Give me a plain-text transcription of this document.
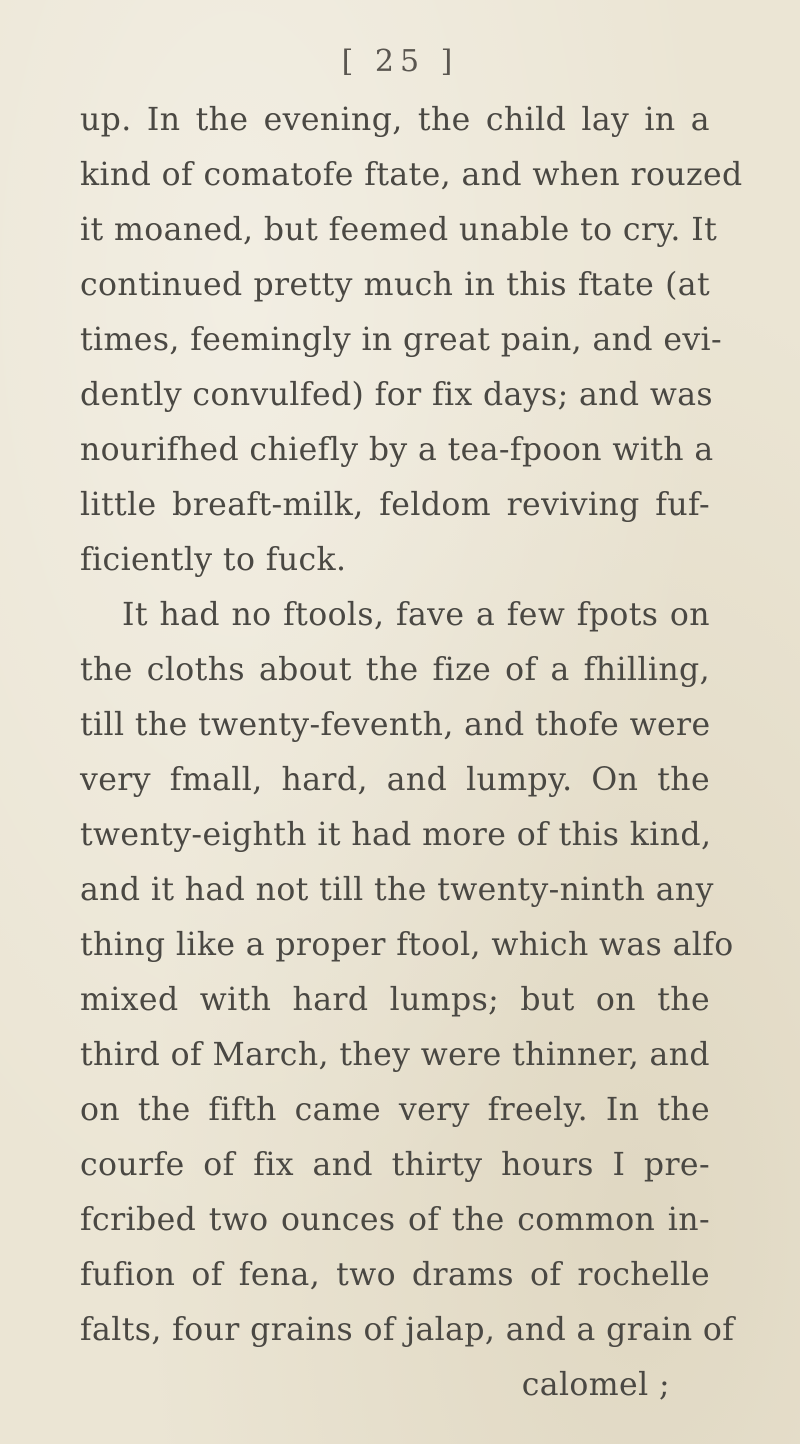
[ 25 ]
up. In the evening, the child lay in a
kind of comatofe ftate, and when rouzed
it moaned, but feemed unable to cry. It
continued pretty much in this ftate (at
times, feemingly in great pain, and evi-
dently convulfed) for fix days; and was
nourifhed chiefly by a tea-fpoon with a
little breaft-milk, feldom reviving fuf-
ficiently to fuck.
It had no ftools, fave a few fpots on
the cloths about the fize of a fhilling,
till the twenty-feventh, and thofe were
very fmall, hard, and lumpy. On the
twenty-eighth it had more of this kind,
and it had not till the twenty-ninth any
thing like a proper ftool, which was alfo
mixed with hard lumps; but on the
third of March, they were thinner, and
on the fifth came very freely. In the
courfe of fix and thirty hours I pre-
fcribed two ounces of the common in-
fufion of fena, two drams of rochelle
falts, four grains of jalap, and a grain of
calomel ;
